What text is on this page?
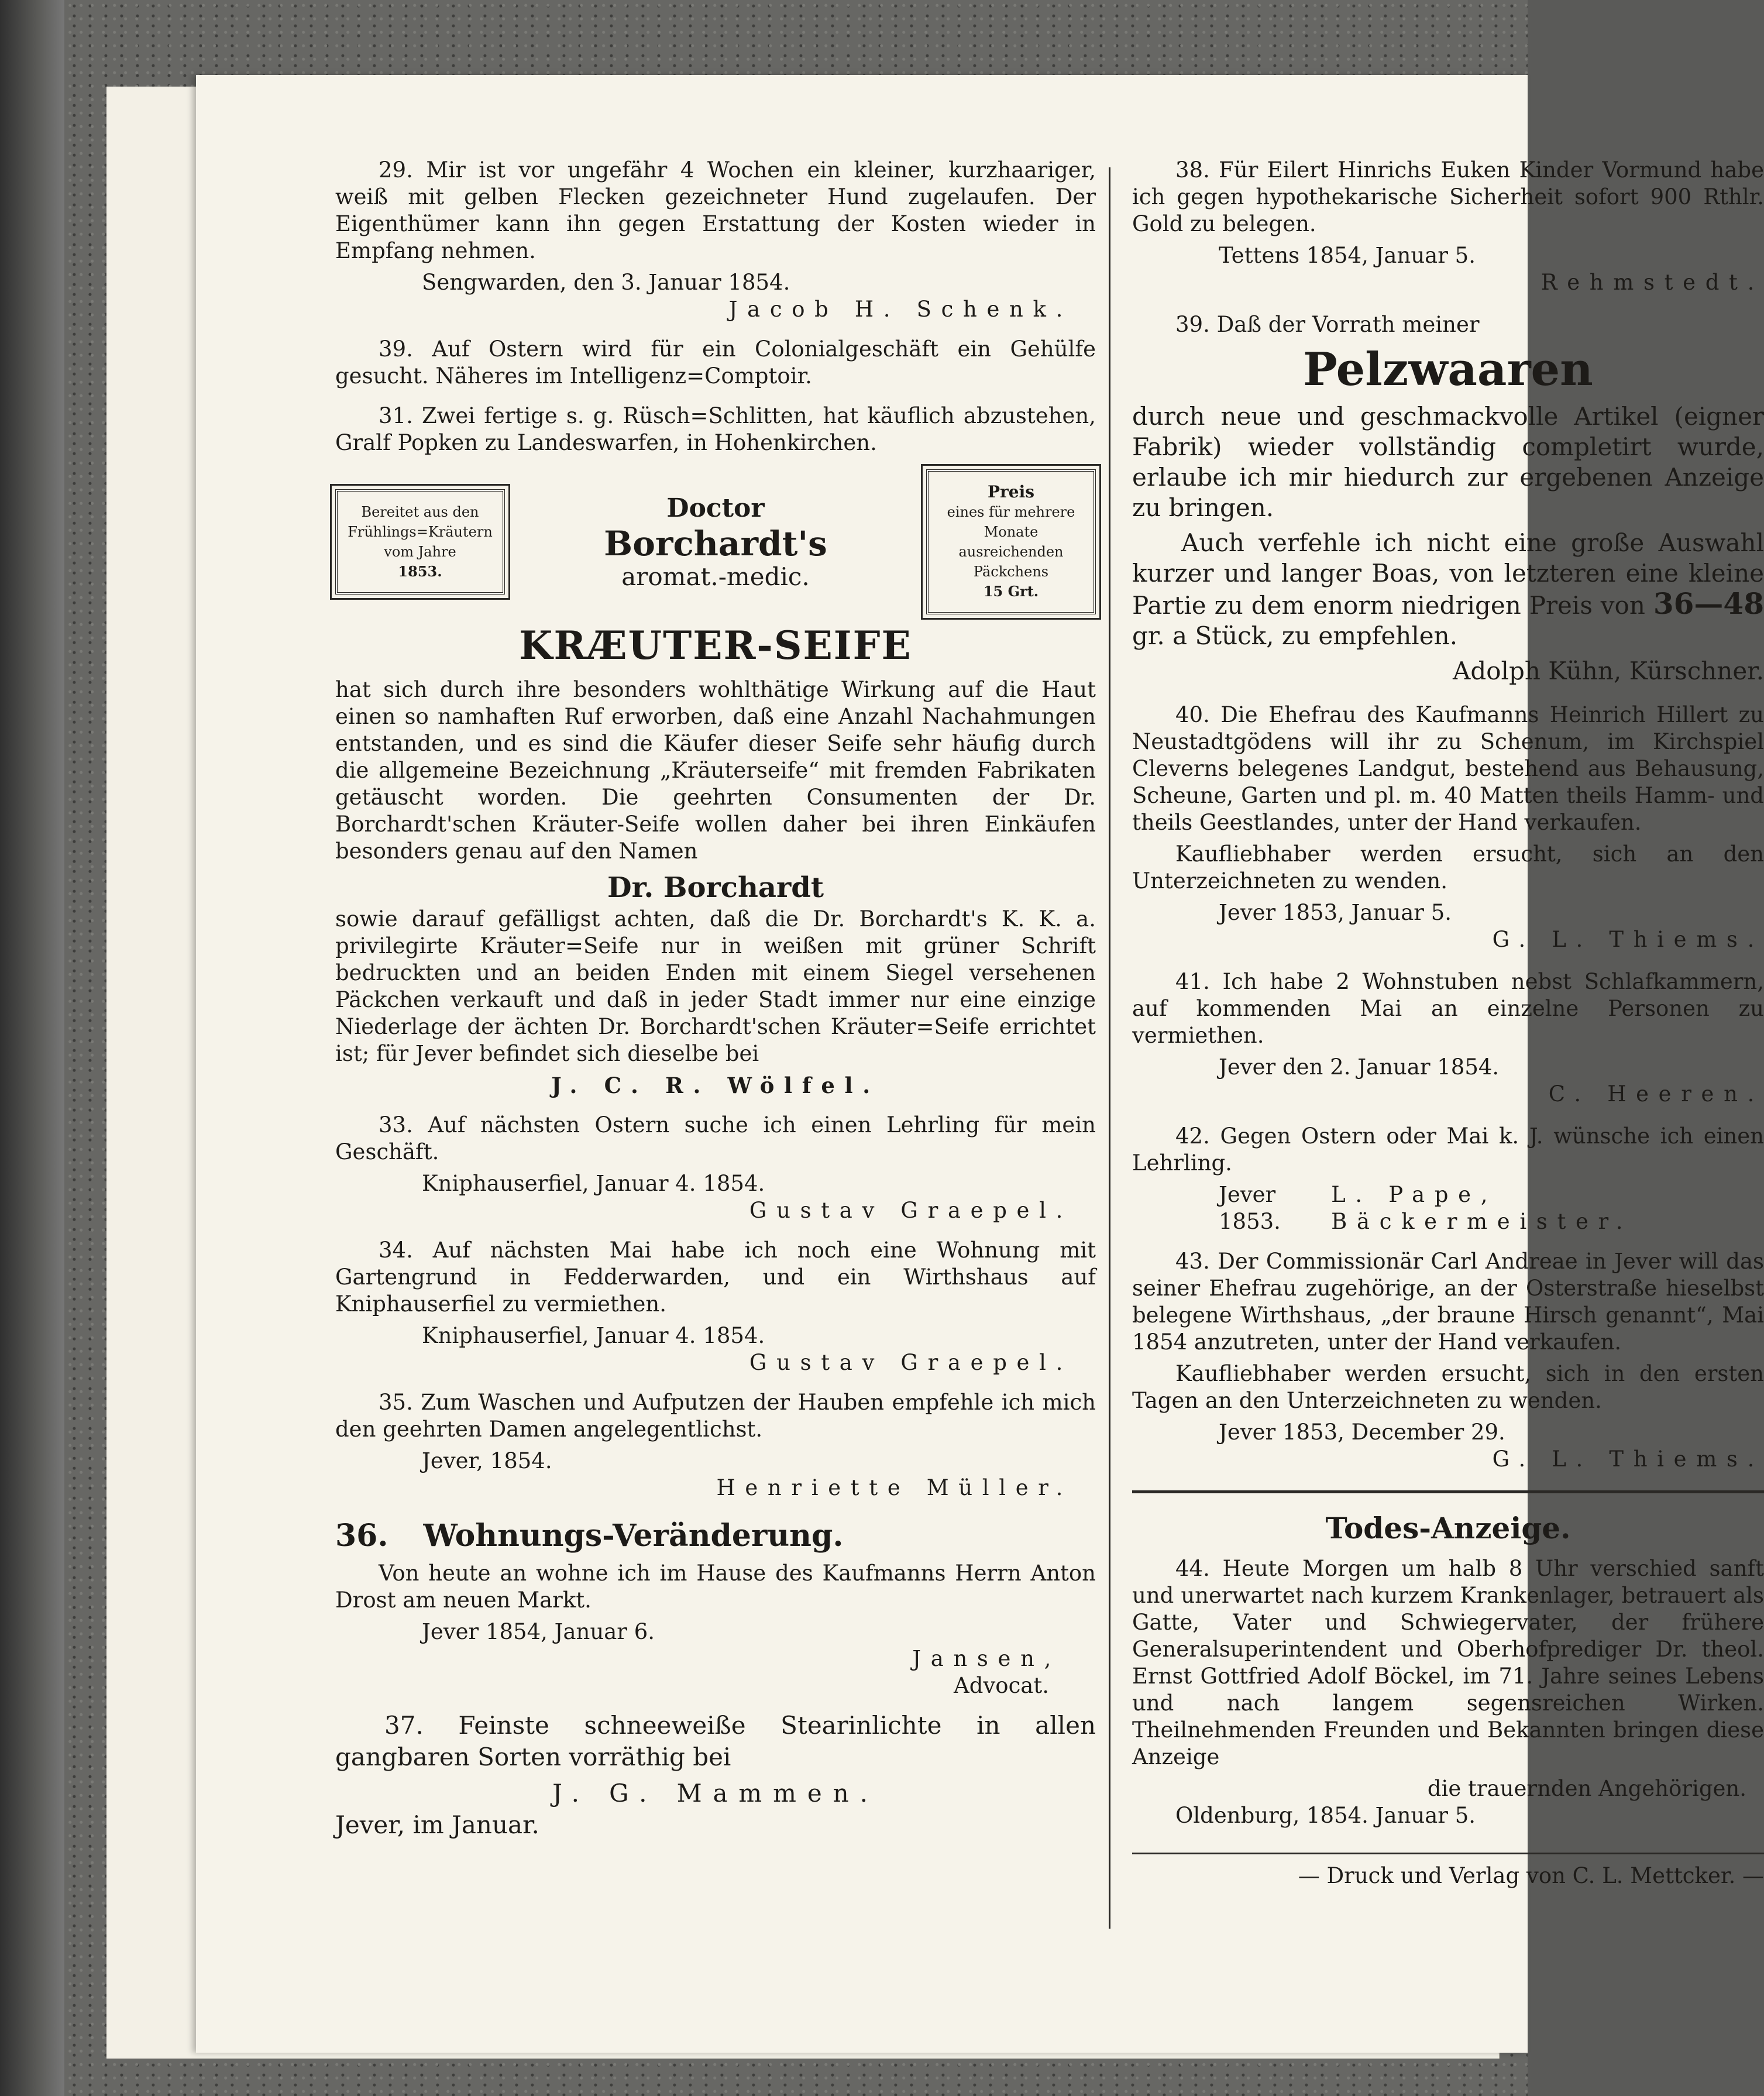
29. Mir ist vor ungefähr 4 Wochen ein kleiner, kurzhaariger, weiß mit gelben Flecken gezeichneter Hund zugelaufen. Der Eigenthümer kann ihn gegen Erstattung der Kosten wieder in Empfang nehmen.

Sengwarden, den 3. Januar 1854.

Jacob H. Schenk.

39. Auf Ostern wird für ein Colonialgeschäft ein Gehülfe gesucht. Näheres im Intelligenz=Comptoir.

31. Zwei fertige s. g. Rüsch=Schlitten, hat käuflich abzustehen, Gralf Popken zu Landeswarfen, in Hohenkirchen.

Bereitet aus den
Frühlings=Kräutern
vom Jahre
1853.
Doctor
Borchardt's
aromat.-medic.
Preis
eines für mehrere
Monate ausreichenden
Päckchens
15 Grt.
KRÆUTER-SEIFE

hat sich durch ihre besonders wohlthätige Wirkung auf die Haut einen so namhaften Ruf erworben, daß eine Anzahl Nachahmungen entstanden, und es sind die Käufer dieser Seife sehr häufig durch die allgemeine Bezeichnung „Kräuterseife“ mit fremden Fabrikaten getäuscht worden. Die geehrten Consumenten der Dr. Borchardt'schen Kräuter-Seife wollen daher bei ihren Einkäufen besonders genau auf den Namen

Dr. Borchardt

sowie darauf gefälligst achten, daß die Dr. Borchardt's K. K. a. privilegirte Kräuter=Seife nur in weißen mit grüner Schrift bedruckten und an beiden Enden mit einem Siegel versehenen Päckchen verkauft und daß in jeder Stadt immer nur eine einzige Niederlage der ächten Dr. Borchardt'schen Kräuter=Seife errichtet ist; für Jever befindet sich dieselbe bei

J. C. R. Wölfel.

33. Auf nächsten Ostern suche ich einen Lehrling für mein Geschäft.

Kniphauserfiel, Januar 4. 1854.

Gustav Graepel.

34. Auf nächsten Mai habe ich noch eine Wohnung mit Gartengrund in Fedderwarden, und ein Wirthshaus auf Kniphauserfiel zu vermiethen.

Kniphauserfiel, Januar 4. 1854.

Gustav Graepel.

35. Zum Waschen und Aufputzen der Hauben empfehle ich mich den geehrten Damen angelegentlichst.

Jever, 1854.

Henriette Müller.

36. Wohnungs-Veränderung.

Von heute an wohne ich im Hause des Kaufmanns Herrn Anton Drost am neuen Markt.

Jever 1854, Januar 6.

Jansen,

Advocat.

37. Feinste schneeweiße Stearinlichte in allen gangbaren Sorten vorräthig bei

J. G. Mammen.

Jever, im Januar.

38. Für Eilert Hinrichs Euken Kinder Vormund habe ich gegen hypothekarische Sicherheit sofort 900 Rthlr. Gold zu belegen.

Tettens 1854, Januar 5.

Rehmstedt.

39. Daß der Vorrath meiner

Pelzwaaren

durch neue und geschmackvolle Artikel (eigner Fabrik) wieder vollständig completirt wurde, erlaube ich mir hiedurch zur ergebenen Anzeige zu bringen.

Auch verfehle ich nicht eine große Auswahl kurzer und langer Boas, von letzteren eine kleine Partie zu dem enorm niedrigen Preis von 36—48 gr. a Stück, zu empfehlen.

Adolph Kühn, Kürschner.

40. Die Ehefrau des Kaufmanns Heinrich Hillert zu Neustadtgödens will ihr zu Schenum, im Kirchspiel Cleverns belegenes Landgut, bestehend aus Behausung, Scheune, Garten und pl. m. 40 Matten theils Hamm- und theils Geestlandes, unter der Hand verkaufen.

Kaufliebhaber werden ersucht, sich an den Unterzeichneten zu wenden.

Jever 1853, Januar 5.

G. L. Thiems.

41. Ich habe 2 Wohnstuben nebst Schlafkammern, auf kommenden Mai an einzelne Personen zu vermiethen.

Jever den 2. Januar 1854.

C. Heeren.

42. Gegen Ostern oder Mai k. J. wünsche ich einen Lehrling.

Jever 1853.
L. Pape, Bäckermeister.

43. Der Commissionär Carl Andreae in Jever will das seiner Ehefrau zugehörige, an der Osterstraße hieselbst belegene Wirthshaus, „der braune Hirsch genannt“, Mai 1854 anzutreten, unter der Hand verkaufen.

Kaufliebhaber werden ersucht, sich in den ersten Tagen an den Unterzeichneten zu wenden.

Jever 1853, December 29.

G. L. Thiems.

Todes-Anzeige.

44. Heute Morgen um halb 8 Uhr verschied sanft und unerwartet nach kurzem Krankenlager, betrauert als Gatte, Vater und Schwiegervater, der frühere Generalsuperintendent und Oberhofprediger Dr. theol. Ernst Gottfried Adolf Böckel, im 71. Jahre seines Lebens und nach langem segensreichen Wirken. Theilnehmenden Freunden und Bekannten bringen diese Anzeige

die trauernden Angehörigen.

Oldenburg, 1854. Januar 5.

— Druck und Verlag von C. L. Mettcker. —
